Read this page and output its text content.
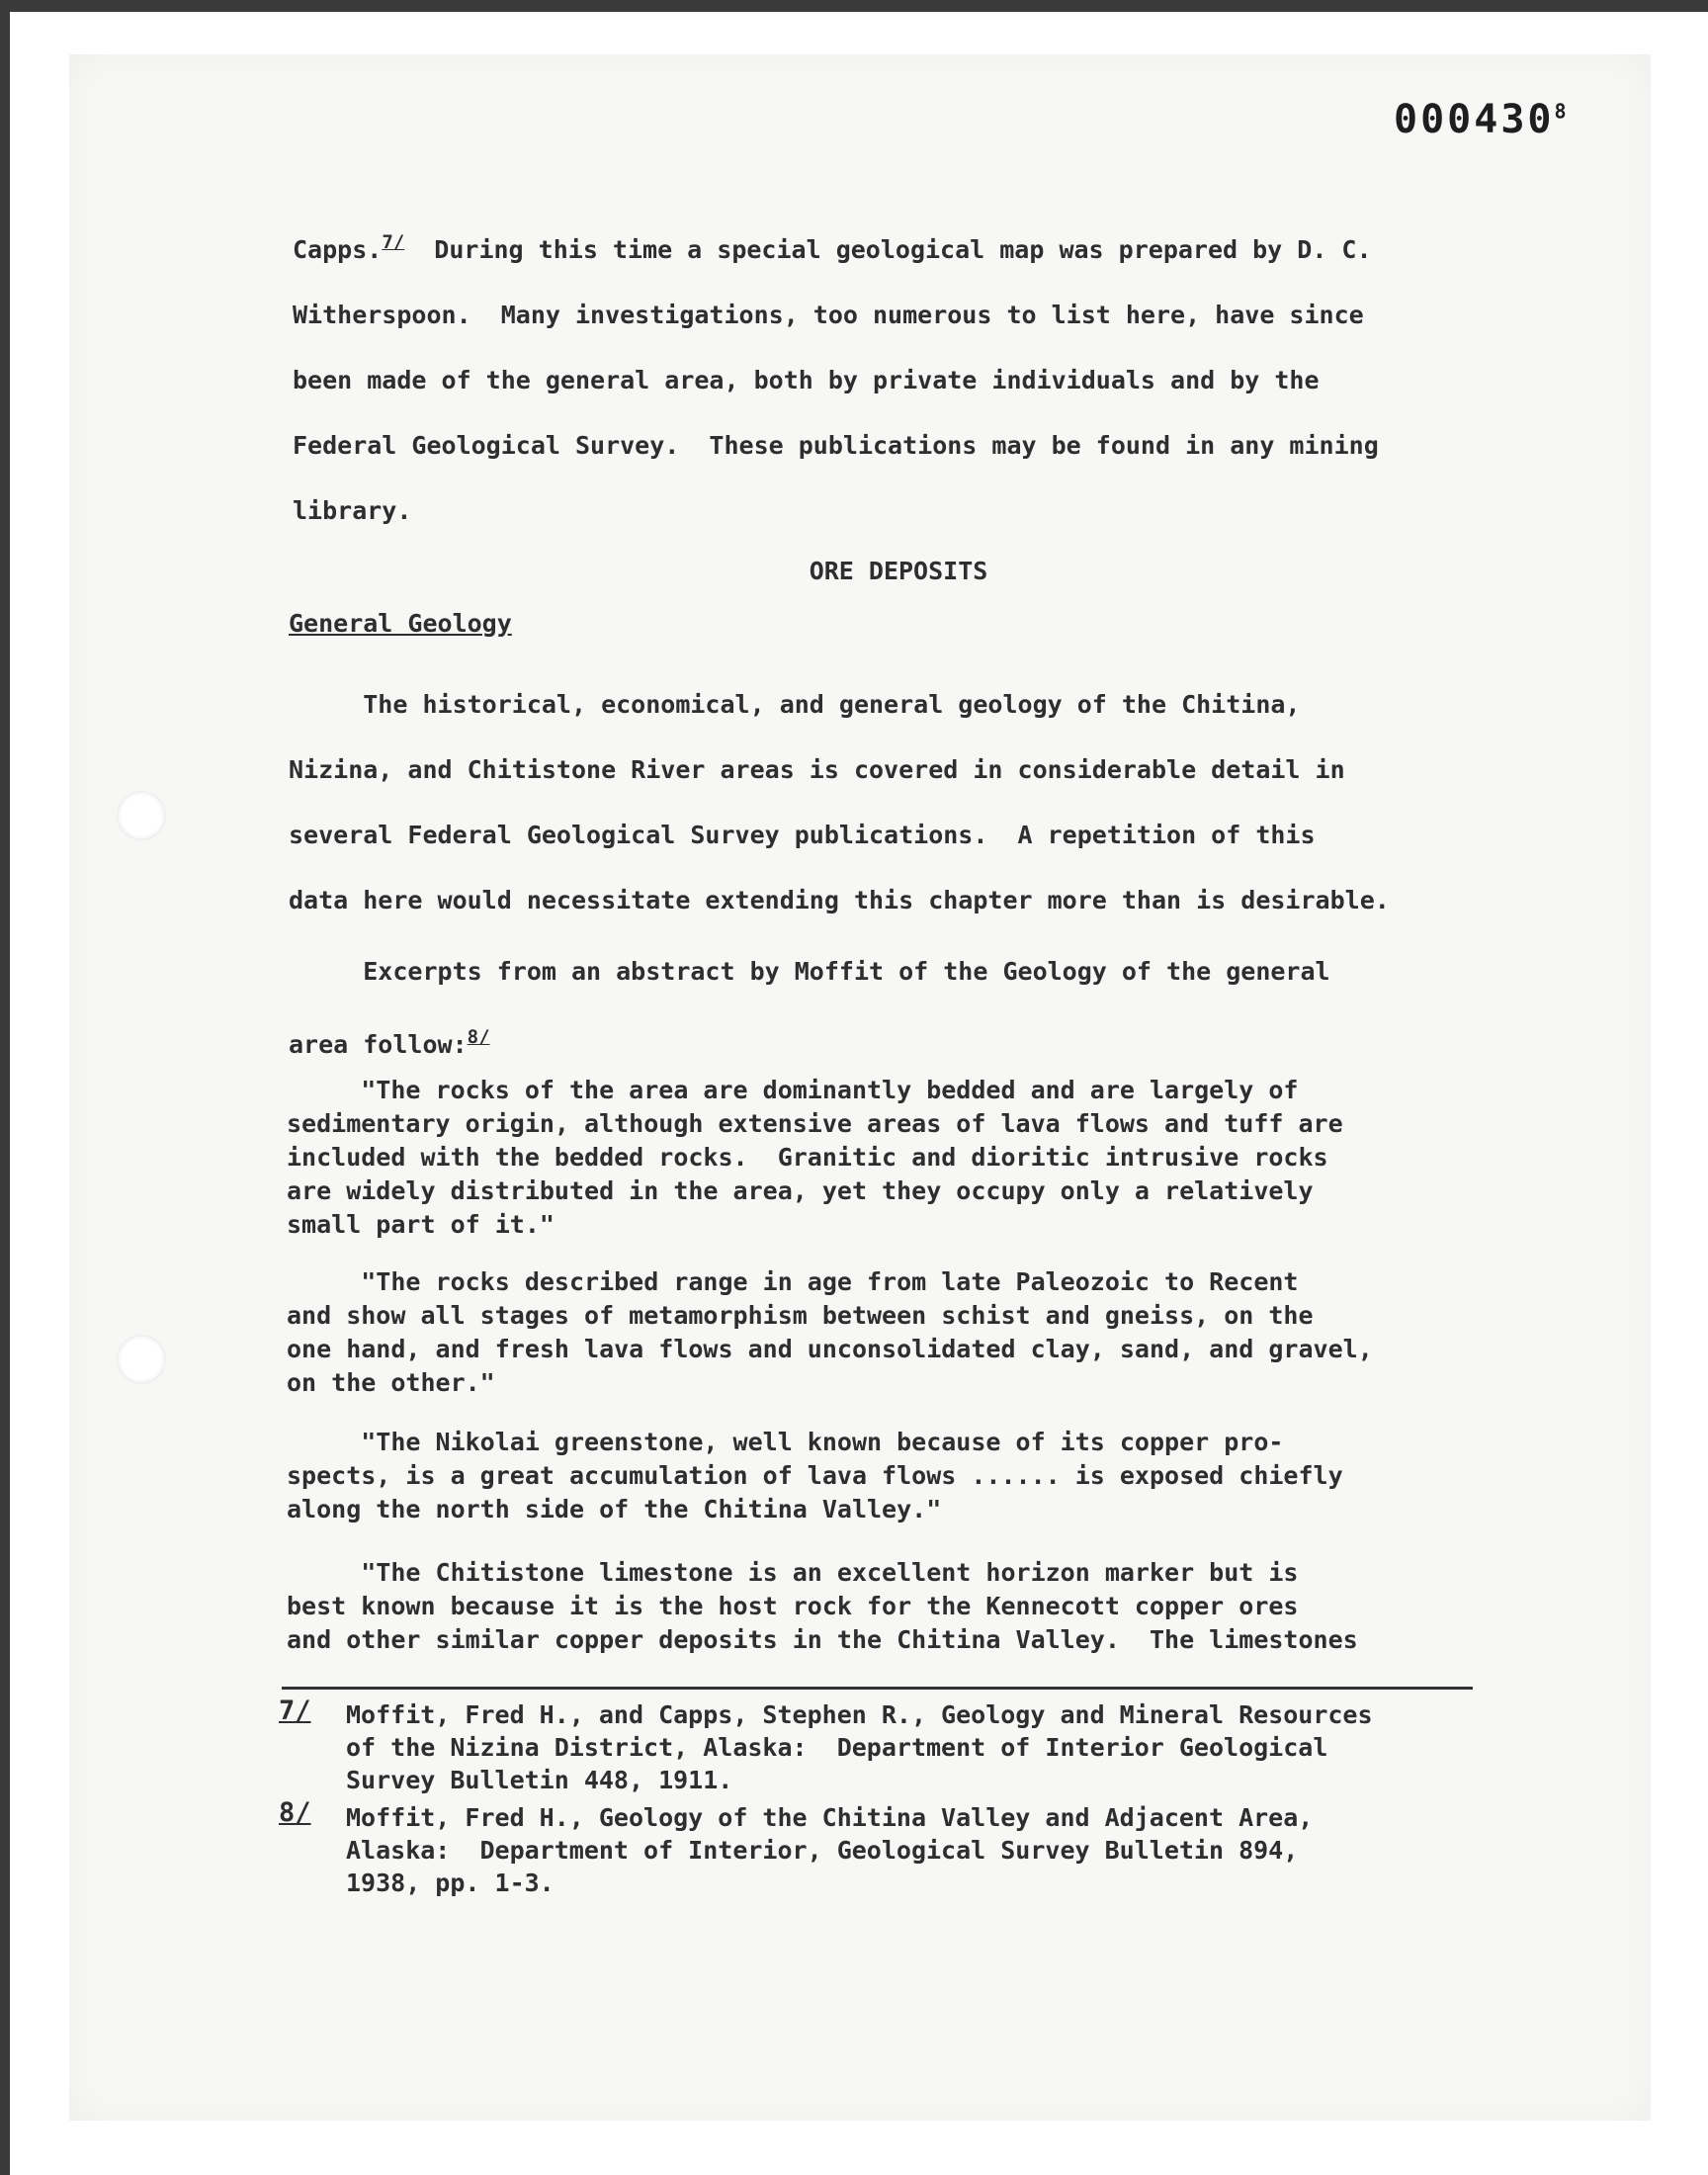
000430$^8$
Capps.$^{7/}$  During this time a special geological map was prepared by D. C.
Witherspoon.  Many investigations, too numerous to list here, have since
been made of the general area, both by private individuals and by the
Federal Geological Survey.  These publications may be found in any mining
library.
ORE DEPOSITS
General Geology
The historical, economical, and general geology of the Chitina,
Nizina, and Chitistone River areas is covered in considerable detail in
several Federal Geological Survey publications.  A repetition of this
data here would necessitate extending this chapter more than is desirable.
Excerpts from an abstract by Moffit of the Geology of the general
area follow:$^{8/}$
"The rocks of the area are dominantly bedded and are largely of
sedimentary origin, although extensive areas of lava flows and tuff are
included with the bedded rocks.  Granitic and dioritic intrusive rocks
are widely distributed in the area, yet they occupy only a relatively
small part of it."
"The rocks described range in age from late Paleozoic to Recent
and show all stages of metamorphism between schist and gneiss, on the
one hand, and fresh lava flows and unconsolidated clay, sand, and gravel,
on the other."
"The Nikolai greenstone, well known because of its copper pro-
spects, is a great accumulation of lava flows ...... is exposed chiefly
along the north side of the Chitina Valley."
"The Chitistone limestone is an excellent horizon marker but is
best known because it is the host rock for the Kennecott copper ores
and other similar copper deposits in the Chitina Valley.  The limestones
7/ Moffit, Fred H., and Capps, Stephen R., Geology and Mineral Resources
of the Nizina District, Alaska:  Department of Interior Geological
Survey Bulletin 448, 1911.
8/ Moffit, Fred H., Geology of the Chitina Valley and Adjacent Area,
Alaska:  Department of Interior, Geological Survey Bulletin 894,
1938, pp. 1-3.
